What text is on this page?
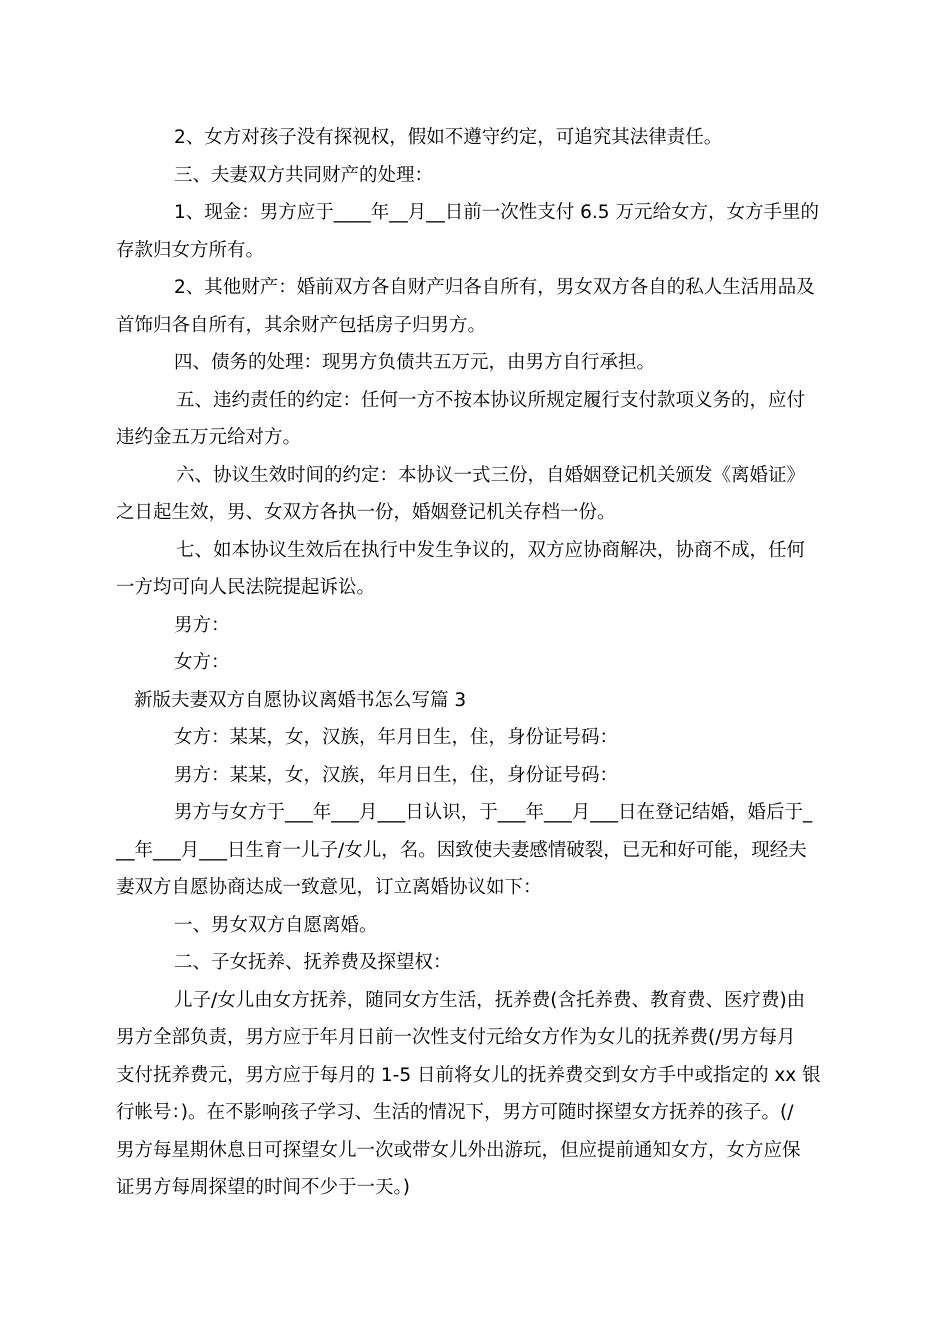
2、女方对孩子没有探视权，假如不遵守约定，可追究其法律责任。
三、夫妻双方共同财产的处理：
1、现金：男方应于____年__月__日前一次性支付 6.5 万元给女方，女方手里的
存款归女方所有。
2、其他财产：婚前双方各自财产归各自所有，男女双方各自的私人生活用品及
首饰归各自所有，其余财产包括房子归男方。
四、债务的处理：现男方负债共五万元，由男方自行承担。
五、违约责任的约定：任何一方不按本协议所规定履行支付款项义务的，应付
违约金五万元给对方。
六、协议生效时间的约定：本协议一式三份，自婚姻登记机关颁发《离婚证》
之日起生效，男、女双方各执一份，婚姻登记机关存档一份。
七、如本协议生效后在执行中发生争议的，双方应协商解决，协商不成，任何
一方均可向人民法院提起诉讼。
男方：
女方：
新版夫妻双方自愿协议离婚书怎么写篇 3
女方：某某，女，汉族，年月日生，住，身份证号码：
男方：某某，女，汉族，年月日生，住，身份证号码：
男方与女方于___年___月___日认识，于___年___月___日在登记结婚，婚后于_
__年___月___日生育一儿子/女儿，名。因致使夫妻感情破裂，已无和好可能，现经夫
妻双方自愿协商达成一致意见，订立离婚协议如下：
一、男女双方自愿离婚。
二、子女抚养、抚养费及探望权：
儿子/女儿由女方抚养，随同女方生活，抚养费(含托养费、教育费、医疗费)由
男方全部负责，男方应于年月日前一次性支付元给女方作为女儿的抚养费(/男方每月
支付抚养费元，男方应于每月的 1-5 日前将女儿的抚养费交到女方手中或指定的 xx 银
行帐号：)。在不影响孩子学习、生活的情况下，男方可随时探望女方抚养的孩子。(/
男方每星期休息日可探望女儿一次或带女儿外出游玩，但应提前通知女方，女方应保
证男方每周探望的时间不少于一天。)
